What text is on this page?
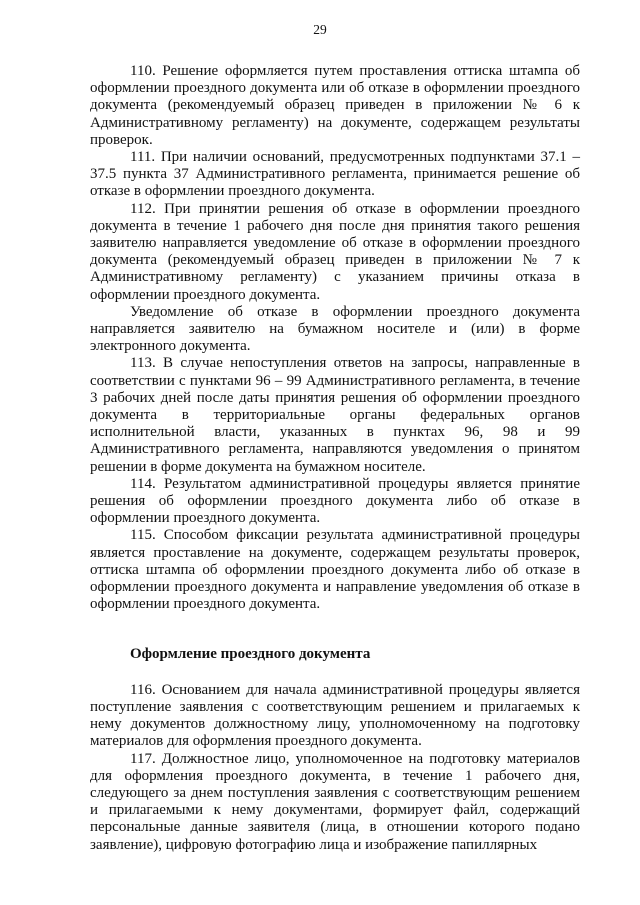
29

110. Решение оформляется путем проставления оттиска штампа об оформлении проездного документа или об отказе в оформлении проездного документа (рекомендуемый образец приведен в приложении № 6 к Административному регламенту) на документе, содержащем результаты проверок.

111. При наличии оснований, предусмотренных подпунктами 37.1 – 37.5 пункта 37 Административного регламента, принимается решение об отказе в оформлении проездного документа.

112. При принятии решения об отказе в оформлении проездного документа в течение 1 рабочего дня после дня принятия такого решения заявителю направляется уведомление об отказе в оформлении проездного документа (рекомендуемый образец приведен в приложении № 7 к Административному регламенту) с указанием причины отказа в оформлении проездного документа.

Уведомление об отказе в оформлении проездного документа направляется заявителю на бумажном носителе и (или) в форме электронного документа.

113. В случае непоступления ответов на запросы, направленные в соответствии с пунктами 96 – 99 Административного регламента, в течение 3 рабочих дней после даты принятия решения об оформлении проездного документа в территориальные органы федеральных органов исполнительной власти, указанных в пунктах 96, 98 и 99 Административного регламента, направляются уведомления о принятом решении в форме документа на бумажном носителе.

114. Результатом административной процедуры является принятие решения об оформлении проездного документа либо об отказе в оформлении проездного документа.

115. Способом фиксации результата административной процедуры является проставление на документе, содержащем результаты проверок, оттиска штампа об оформлении проездного документа либо об отказе в оформлении проездного документа и направление уведомления об отказе в оформлении проездного документа.

Оформление проездного документа

116. Основанием для начала административной процедуры является поступление заявления с соответствующим решением и прилагаемых к нему документов должностному лицу, уполномоченному на подготовку материалов для оформления проездного документа.

117. Должностное лицо, уполномоченное на подготовку материалов для оформления проездного документа, в течение 1 рабочего дня, следующего за днем поступления заявления с соответствующим решением и прилагаемыми к нему документами, формирует файл, содержащий персональные данные заявителя (лица, в отношении которого подано заявление), цифровую фотографию лица и изображение папиллярных
